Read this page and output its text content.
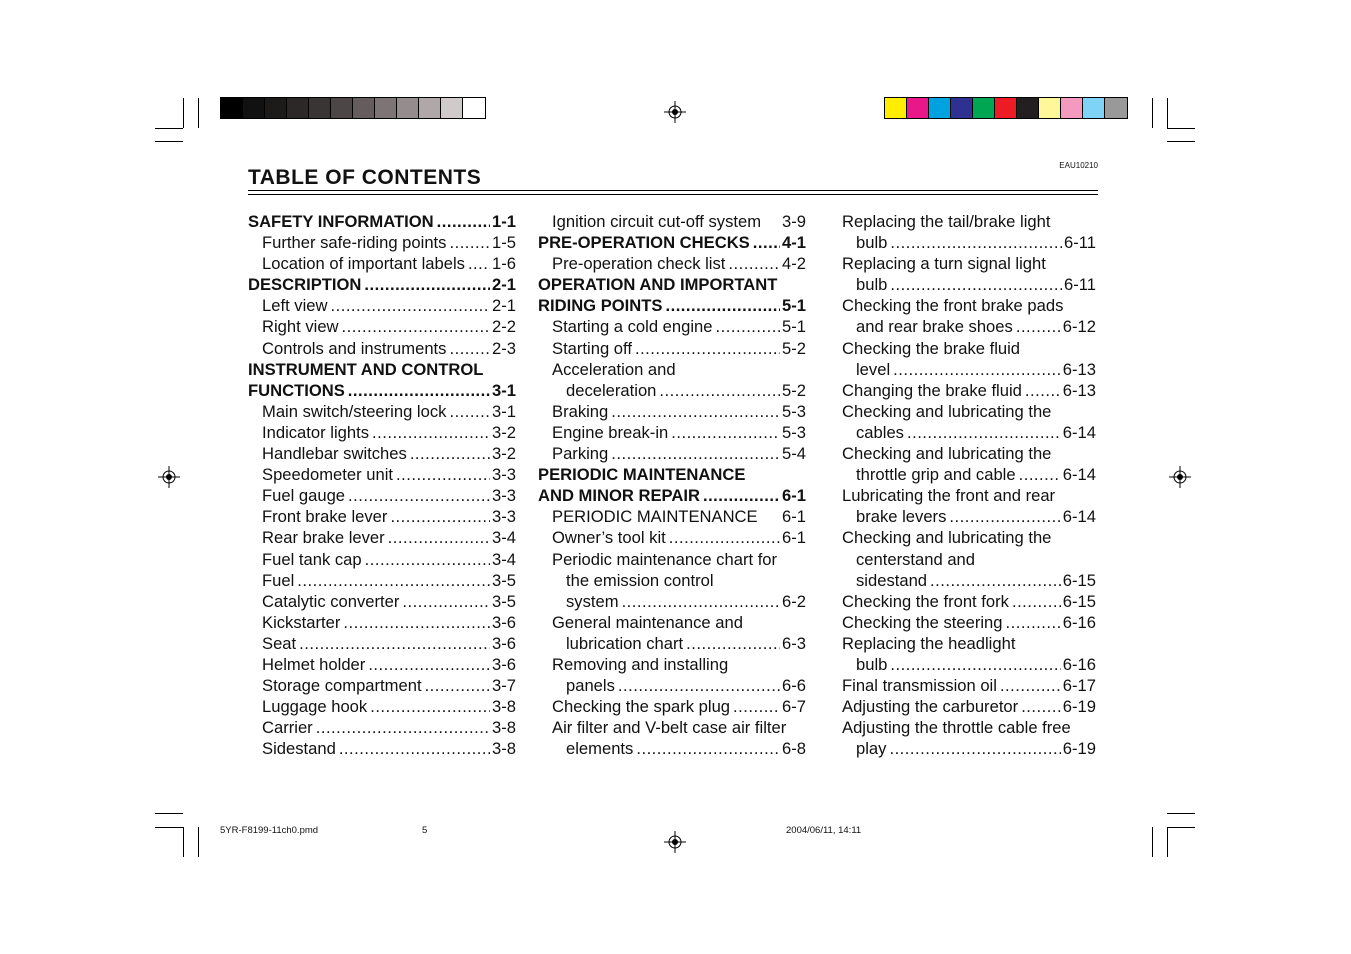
TABLE OF CONTENTS
EAU10210
SAFETY INFORMATION .....	1-1
Further safe-riding points .....	1-5
Location of important labels ..... 1-6
DESCRIPTION .....	2-1
Left view .....	2-1
Right view .....	2-2
Controls and instruments .....	2-3
INSTRUMENT AND CONTROL
FUNCTIONS .....	3-1
Main switch/steering lock .....	3-1
Indicator lights .....	3-2
Handlebar switches .....	3-2
Speedometer unit .....	3-3
Fuel gauge .....	3-3
Front brake lever .....	3-3
Rear brake lever .....	3-4
Fuel tank cap .....	3-4
Fuel .....	3-5
Catalytic converter .....	3-5
Kickstarter .....	3-6
Seat .....	3-6
Helmet holder .....	3-6
Storage compartment .....	3-7
Luggage hook .....	3-8
Carrier .....	3-8
Sidestand .....	3-8
Ignition circuit cut-off system 3-9
PRE-OPERATION CHECKS ..... 4-1
Pre-operation check list .....	4-2
OPERATION AND IMPORTANT
RIDING POINTS .....	5-1
Starting a cold engine .....	5-1
Starting off .....	5-2
Acceleration and
deceleration .....	5-2
Braking .....	5-3
Engine break-in .....	5-3
Parking .....	5-4
PERIODIC MAINTENANCE
AND MINOR REPAIR .....	6-1
PERIODIC MAINTENANCE 6-1
Owner’s tool kit .....	6-1
Periodic maintenance chart for
the emission control
system .....	6-2
General maintenance and
lubrication chart .....	6-3
Removing and installing
panels .....	6-6
Checking the spark plug .....	6-7
Air filter and V-belt case air filter
elements .....	6-8
Replacing the tail/brake light
bulb .....	6-11
Replacing a turn signal light
bulb .....	6-11
Checking the front brake pads
and rear brake shoes .....	6-12
Checking the brake fluid
level .....	6-13
Changing the brake fluid ..... 6-13
Checking and lubricating the
cables .....	6-14
Checking and lubricating the
throttle grip and cable .....	6-14
Lubricating the front and rear
brake levers .....	6-14
Checking and lubricating the
centerstand and
sidestand .....	6-15
Checking the front fork .....	6-15
Checking the steering .....	6-16
Replacing the headlight
bulb .....	6-16
Final transmission oil .....	6-17
Adjusting the carburetor .....	6-19
Adjusting the throttle cable free
play .....	6-19
5YR-F8199-11ch0.pmd	5	2004/06/11, 14:11
